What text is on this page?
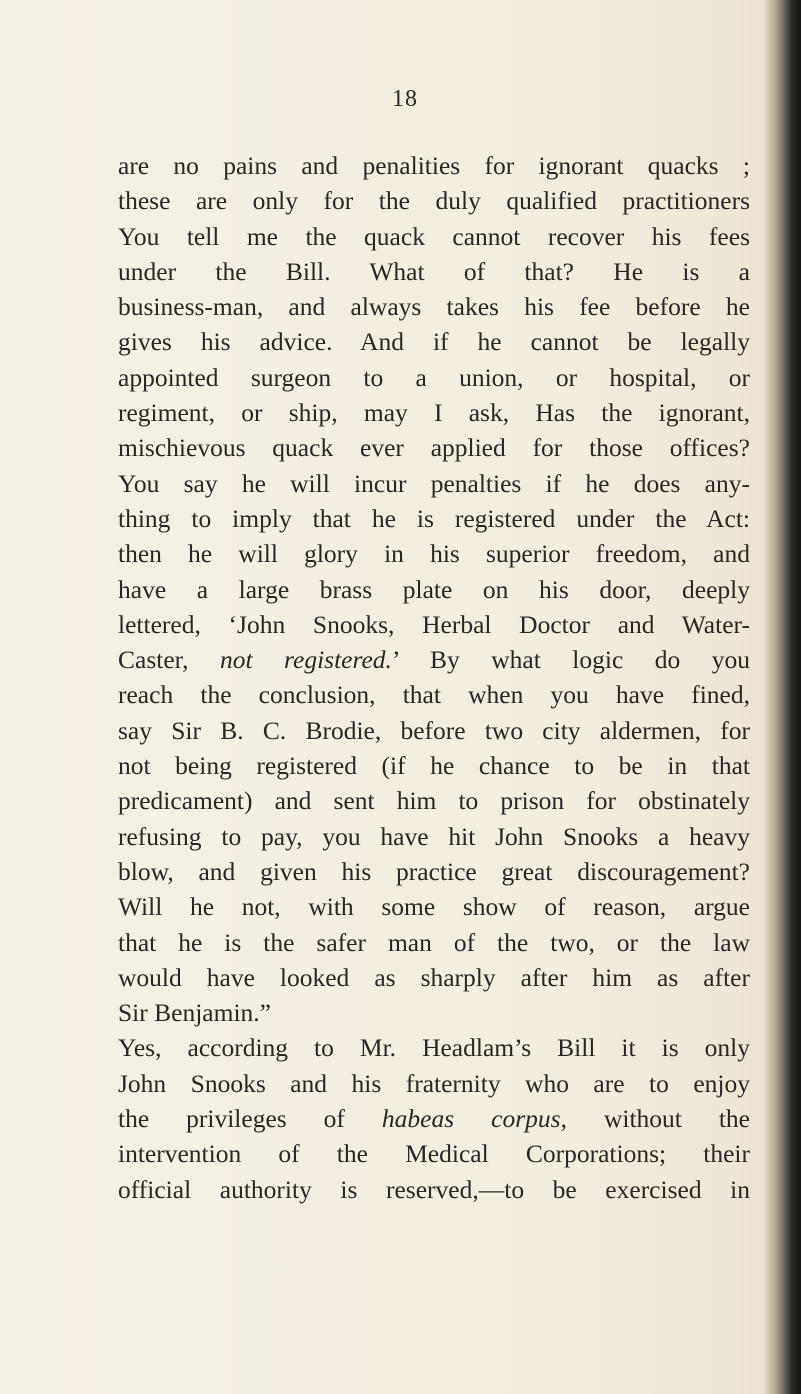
18

are no pains and penalities for ignorant quacks ;
these are only for the duly qualified practitioners
You tell me the quack cannot recover his fees
under the Bill. What of that? He is a
business-man, and always takes his fee before he
gives his advice. And if he cannot be legally
appointed surgeon to a union, or hospital, or
regiment, or ship, may I ask, Has the ignorant,
mischievous quack ever applied for those offices?
You say he will incur penalties if he does any-
thing to imply that he is registered under the Act:
then he will glory in his superior freedom, and
have a large brass plate on his door, deeply
lettered, ‘John Snooks, Herbal Doctor and Water-
Caster, not registered.’ By what logic do you
reach the conclusion, that when you have fined,
say Sir B. C. Brodie, before two city aldermen, for
not being registered (if he chance to be in that
predicament) and sent him to prison for obstinately
refusing to pay, you have hit John Snooks a heavy
blow, and given his practice great discouragement?
Will he not, with some show of reason, argue
that he is the safer man of the two, or the law
would have looked as sharply after him as after
Sir Benjamin.”
Yes, according to Mr. Headlam’s Bill it is only
John Snooks and his fraternity who are to enjoy
the privileges of habeas corpus, without the
intervention of the Medical Corporations; their
official authority is reserved,—to be exercised in
